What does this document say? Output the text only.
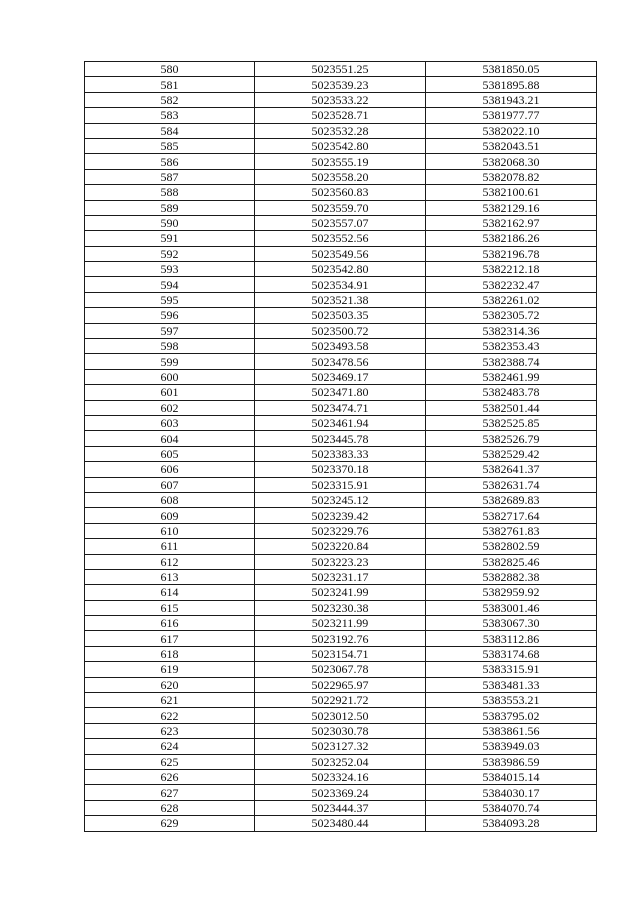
580	5023551.25	5381850.05
581	5023539.23	5381895.88
582	5023533.22	5381943.21
583	5023528.71	5381977.77
584	5023532.28	5382022.10
585	5023542.80	5382043.51
586	5023555.19	5382068.30
587	5023558.20	5382078.82
588	5023560.83	5382100.61
589	5023559.70	5382129.16
590	5023557.07	5382162.97
591	5023552.56	5382186.26
592	5023549.56	5382196.78
593	5023542.80	5382212.18
594	5023534.91	5382232.47
595	5023521.38	5382261.02
596	5023503.35	5382305.72
597	5023500.72	5382314.36
598	5023493.58	5382353.43
599	5023478.56	5382388.74
600	5023469.17	5382461.99
601	5023471.80	5382483.78
602	5023474.71	5382501.44
603	5023461.94	5382525.85
604	5023445.78	5382526.79
605	5023383.33	5382529.42
606	5023370.18	5382641.37
607	5023315.91	5382631.74
608	5023245.12	5382689.83
609	5023239.42	5382717.64
610	5023229.76	5382761.83
611	5023220.84	5382802.59
612	5023223.23	5382825.46
613	5023231.17	5382882.38
614	5023241.99	5382959.92
615	5023230.38	5383001.46
616	5023211.99	5383067.30
617	5023192.76	5383112.86
618	5023154.71	5383174.68
619	5023067.78	5383315.91
620	5022965.97	5383481.33
621	5022921.72	5383553.21
622	5023012.50	5383795.02
623	5023030.78	5383861.56
624	5023127.32	5383949.03
625	5023252.04	5383986.59
626	5023324.16	5384015.14
627	5023369.24	5384030.17
628	5023444.37	5384070.74
629	5023480.44	5384093.28
